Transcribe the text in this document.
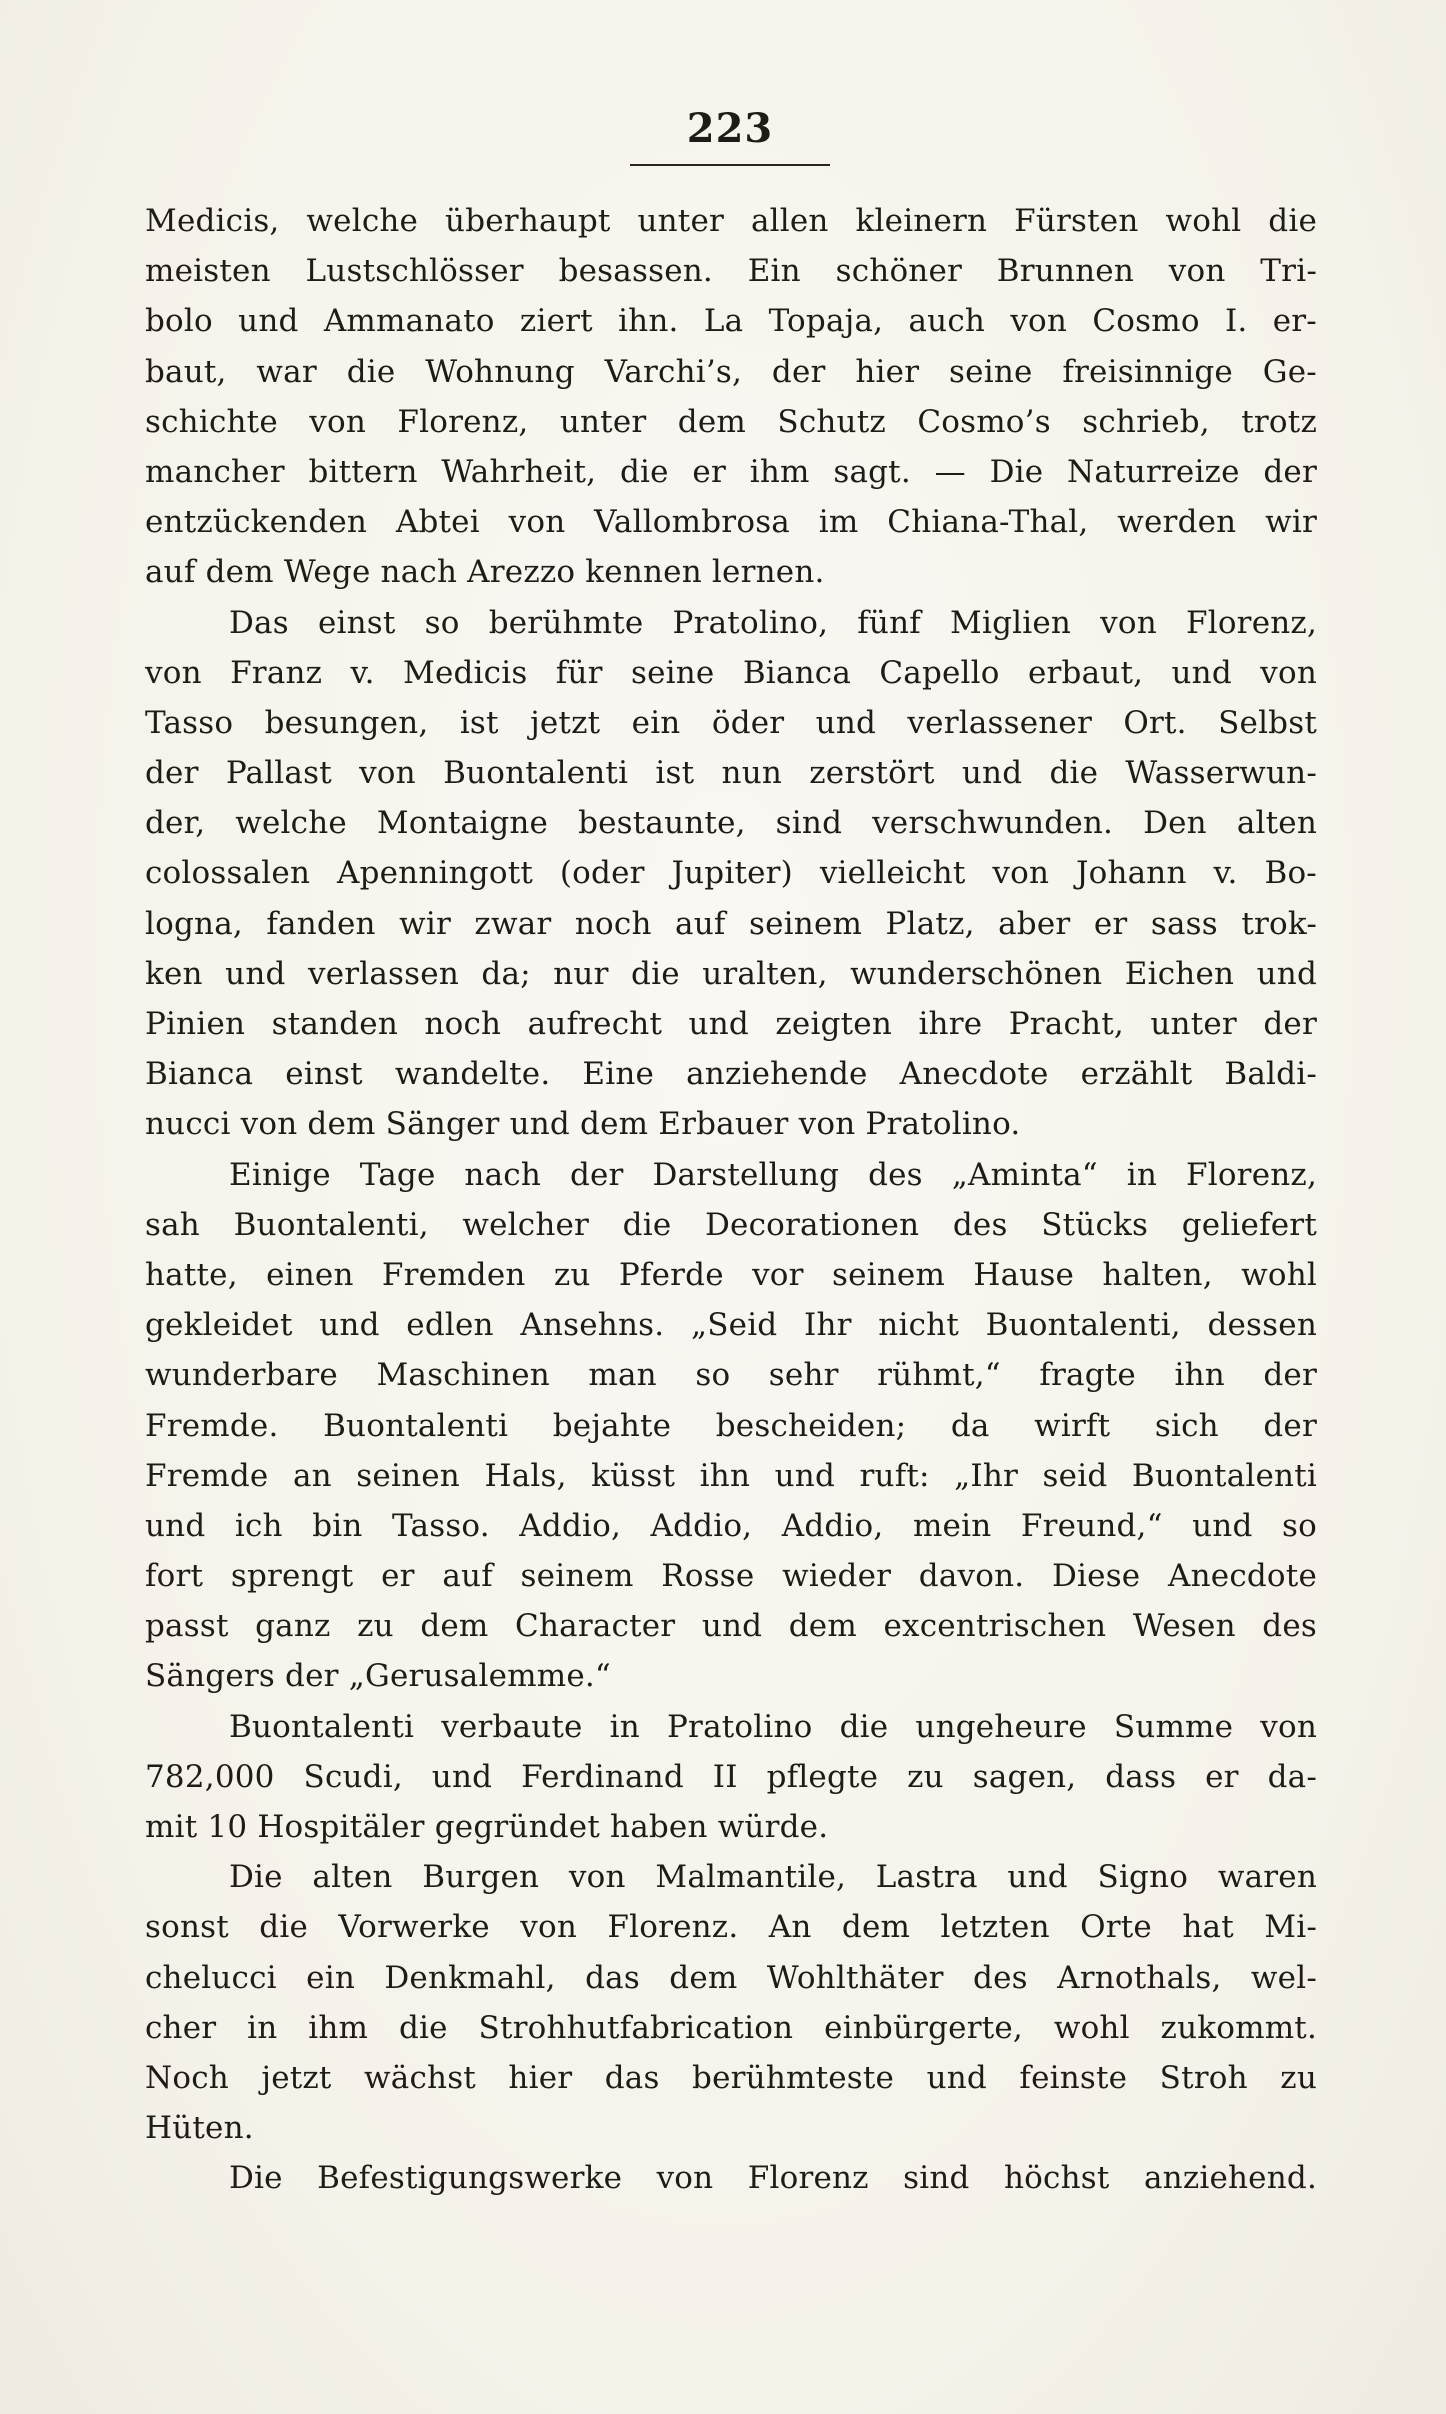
223
Medicis, welche überhaupt unter allen kleinern Fürsten wohl die
meisten Lustschlösser besassen. Ein schöner Brunnen von Tri-
bolo und Ammanato ziert ihn. La Topaja, auch von Cosmo I. er-
baut, war die Wohnung Varchi’s, der hier seine freisinnige Ge-
schichte von Florenz, unter dem Schutz Cosmo’s schrieb, trotz
mancher bittern Wahrheit, die er ihm sagt. — Die Naturreize der
entzückenden Abtei von Vallombrosa im Chiana-Thal, werden wir
auf dem Wege nach Arezzo kennen lernen.
Das einst so berühmte Pratolino, fünf Miglien von Florenz,
von Franz v. Medicis für seine Bianca Capello erbaut, und von
Tasso besungen, ist jetzt ein öder und verlassener Ort. Selbst
der Pallast von Buontalenti ist nun zerstört und die Wasserwun-
der, welche Montaigne bestaunte, sind verschwunden. Den alten
colossalen Apenningott (oder Jupiter) vielleicht von Johann v. Bo-
logna, fanden wir zwar noch auf seinem Platz, aber er sass trok-
ken und verlassen da; nur die uralten, wunderschönen Eichen und
Pinien standen noch aufrecht und zeigten ihre Pracht, unter der
Bianca einst wandelte. Eine anziehende Anecdote erzählt Baldi-
nucci von dem Sänger und dem Erbauer von Pratolino.
Einige Tage nach der Darstellung des „Aminta“ in Florenz,
sah Buontalenti, welcher die Decorationen des Stücks geliefert
hatte, einen Fremden zu Pferde vor seinem Hause halten, wohl
gekleidet und edlen Ansehns. „Seid Ihr nicht Buontalenti, dessen
wunderbare Maschinen man so sehr rühmt,“ fragte ihn der
Fremde. Buontalenti bejahte bescheiden; da wirft sich der
Fremde an seinen Hals, küsst ihn und ruft: „Ihr seid Buontalenti
und ich bin Tasso. Addio, Addio, Addio, mein Freund,“ und so
fort sprengt er auf seinem Rosse wieder davon. Diese Anecdote
passt ganz zu dem Character und dem excentrischen Wesen des
Sängers der „Gerusalemme.“
Buontalenti verbaute in Pratolino die ungeheure Summe von
782,000 Scudi, und Ferdinand II pflegte zu sagen, dass er da-
mit 10 Hospitäler gegründet haben würde.
Die alten Burgen von Malmantile, Lastra und Signo waren
sonst die Vorwerke von Florenz. An dem letzten Orte hat Mi-
chelucci ein Denkmahl, das dem Wohlthäter des Arnothals, wel-
cher in ihm die Strohhutfabrication einbürgerte, wohl zukommt.
Noch jetzt wächst hier das berühmteste und feinste Stroh zu
Hüten.
Die Befestigungswerke von Florenz sind höchst anziehend.
